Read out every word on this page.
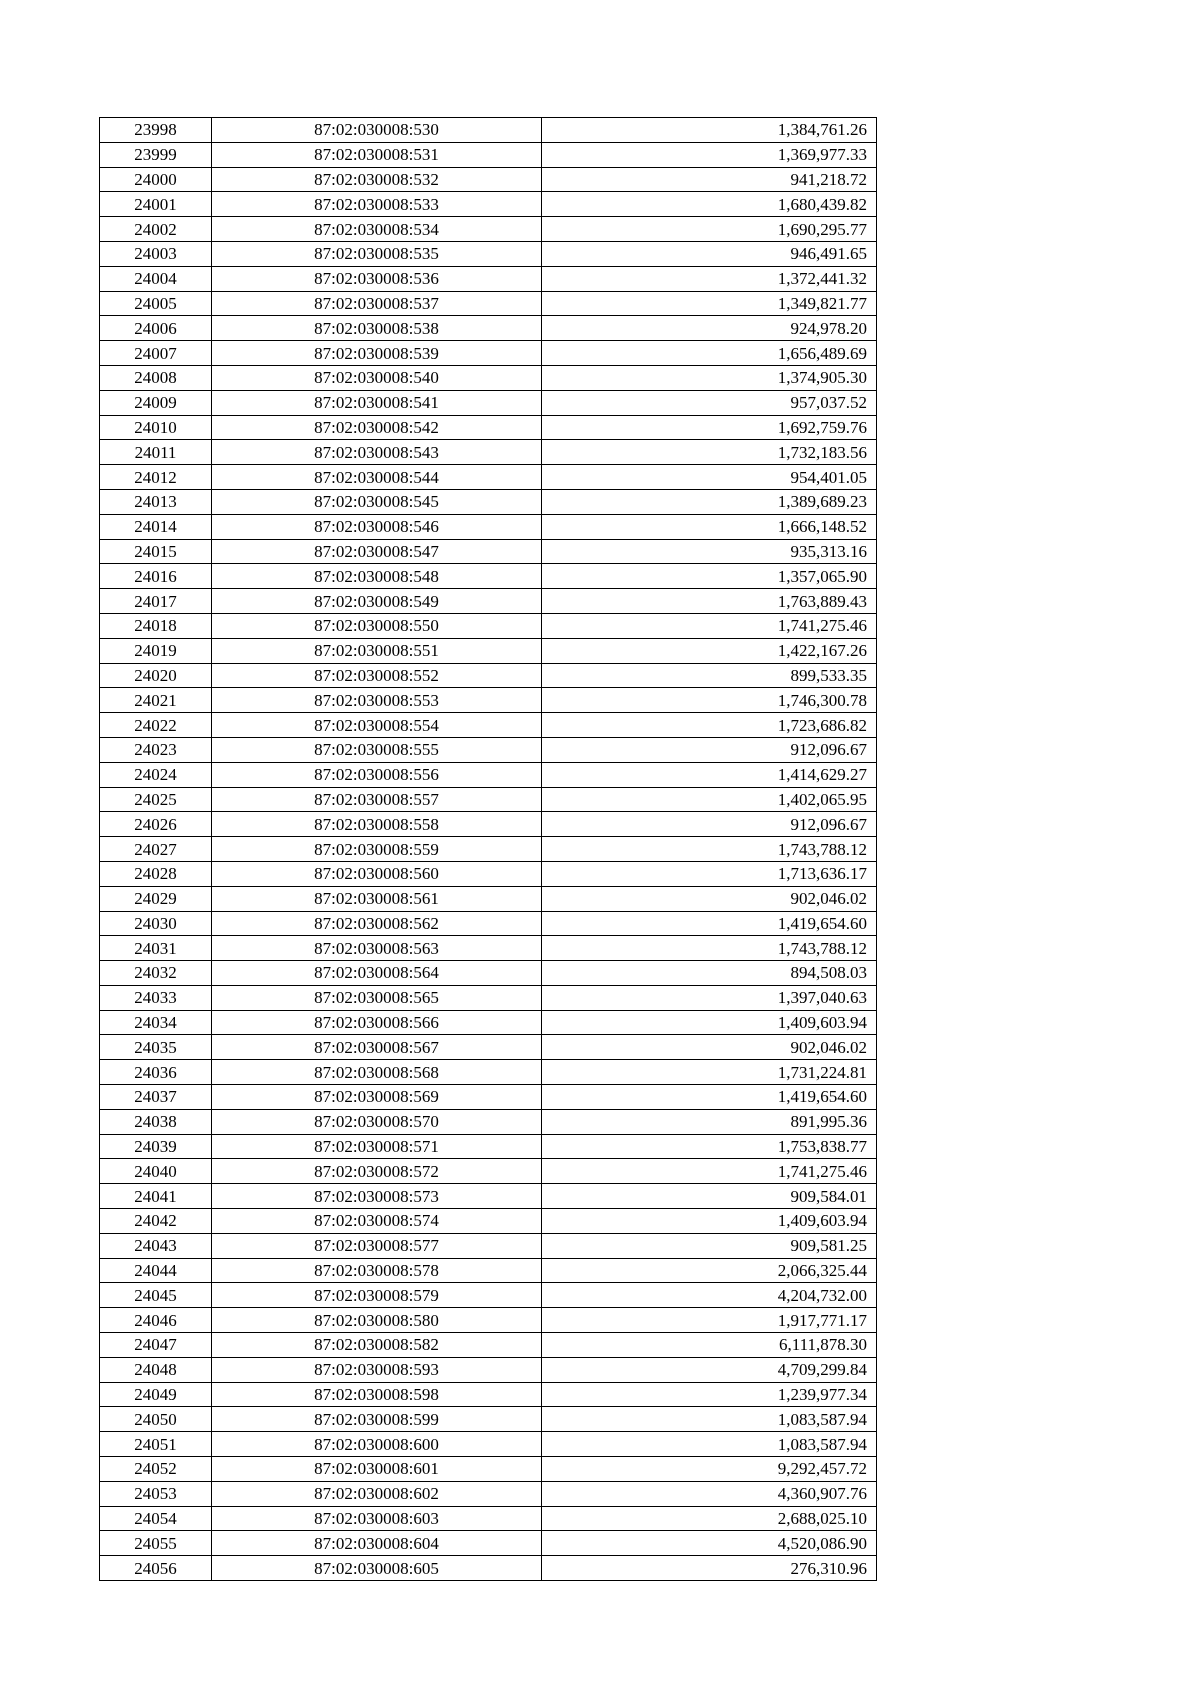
23998	87:02:030008:530	1,384,761.26
23999	87:02:030008:531	1,369,977.33
24000	87:02:030008:532	941,218.72
24001	87:02:030008:533	1,680,439.82
24002	87:02:030008:534	1,690,295.77
24003	87:02:030008:535	946,491.65
24004	87:02:030008:536	1,372,441.32
24005	87:02:030008:537	1,349,821.77
24006	87:02:030008:538	924,978.20
24007	87:02:030008:539	1,656,489.69
24008	87:02:030008:540	1,374,905.30
24009	87:02:030008:541	957,037.52
24010	87:02:030008:542	1,692,759.76
24011	87:02:030008:543	1,732,183.56
24012	87:02:030008:544	954,401.05
24013	87:02:030008:545	1,389,689.23
24014	87:02:030008:546	1,666,148.52
24015	87:02:030008:547	935,313.16
24016	87:02:030008:548	1,357,065.90
24017	87:02:030008:549	1,763,889.43
24018	87:02:030008:550	1,741,275.46
24019	87:02:030008:551	1,422,167.26
24020	87:02:030008:552	899,533.35
24021	87:02:030008:553	1,746,300.78
24022	87:02:030008:554	1,723,686.82
24023	87:02:030008:555	912,096.67
24024	87:02:030008:556	1,414,629.27
24025	87:02:030008:557	1,402,065.95
24026	87:02:030008:558	912,096.67
24027	87:02:030008:559	1,743,788.12
24028	87:02:030008:560	1,713,636.17
24029	87:02:030008:561	902,046.02
24030	87:02:030008:562	1,419,654.60
24031	87:02:030008:563	1,743,788.12
24032	87:02:030008:564	894,508.03
24033	87:02:030008:565	1,397,040.63
24034	87:02:030008:566	1,409,603.94
24035	87:02:030008:567	902,046.02
24036	87:02:030008:568	1,731,224.81
24037	87:02:030008:569	1,419,654.60
24038	87:02:030008:570	891,995.36
24039	87:02:030008:571	1,753,838.77
24040	87:02:030008:572	1,741,275.46
24041	87:02:030008:573	909,584.01
24042	87:02:030008:574	1,409,603.94
24043	87:02:030008:577	909,581.25
24044	87:02:030008:578	2,066,325.44
24045	87:02:030008:579	4,204,732.00
24046	87:02:030008:580	1,917,771.17
24047	87:02:030008:582	6,111,878.30
24048	87:02:030008:593	4,709,299.84
24049	87:02:030008:598	1,239,977.34
24050	87:02:030008:599	1,083,587.94
24051	87:02:030008:600	1,083,587.94
24052	87:02:030008:601	9,292,457.72
24053	87:02:030008:602	4,360,907.76
24054	87:02:030008:603	2,688,025.10
24055	87:02:030008:604	4,520,086.90
24056	87:02:030008:605	276,310.96
